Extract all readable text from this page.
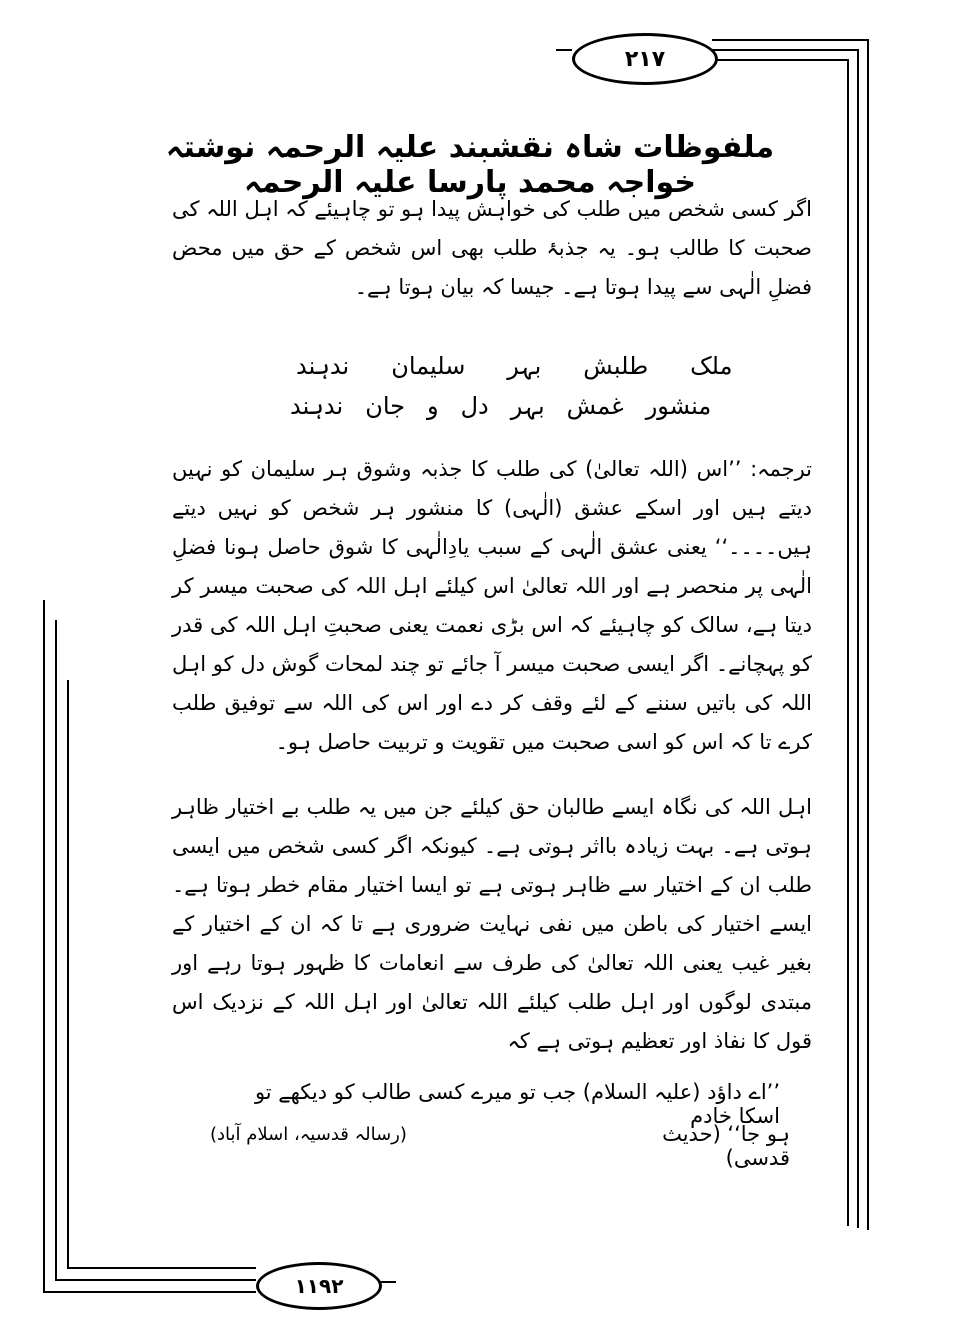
۲۱۷
ملفوظات شاہ نقشبند علیہ الرحمہ نوشتہ خواجہ محمد پارسا علیہ الرحمہ
اگر کسی شخص میں طلب کی خواہش پیدا ہو تو چاہیئے کہ اہل اللہ کی صحبت کا طالب ہو۔ یہ جذبۂ طلب بھی اس شخص کے حق میں محض فضلِ الٰہی سے پیدا ہوتا ہے۔ جیسا کہ بیان ہوتا ہے۔
ملک
طلبش
بہر
سلیمان
ندہند
منشور
غمش
بہر
دل
و
جان
ندہند
ترجمہ: ’’اس (اللہ تعالیٰ) کی طلب کا جذبہ وشوق ہر سلیمان کو نہیں دیتے ہیں اور اسکے عشق (الٰہی) کا منشور ہر شخص کو نہیں دیتے ہیں۔۔۔۔‘‘ یعنی عشق الٰہی کے سبب یادِالٰہی کا شوق حاصل ہونا فضلِ الٰہی پر منحصر ہے اور اللہ تعالیٰ اس کیلئے اہل اللہ کی صحبت میسر کر دیتا ہے، سالک کو چاہیئے کہ اس بڑی نعمت یعنی صحبتِ اہل اللہ کی قدر کو پہچانے۔ اگر ایسی صحبت میسر آ جائے تو چند لمحات گوش دل کو اہل اللہ کی باتیں سننے کے لئے وقف کر دے اور اس کی اللہ سے توفیق طلب کرے تا کہ اس کو اسی صحبت میں تقویت و تربیت حاصل ہو۔
اہل اللہ کی نگاہ ایسے طالبان حق کیلئے جن میں یہ طلب بے اختیار ظاہر ہوتی ہے۔ بہت زیادہ بااثر ہوتی ہے۔ کیونکہ اگر کسی شخص میں ایسی طلب ان کے اختیار سے ظاہر ہوتی ہے تو ایسا اختیار مقام خطر ہوتا ہے۔ ایسے اختیار کی باطن میں نفی نہایت ضروری ہے تا کہ ان کے اختیار کے بغیر غیب یعنی اللہ تعالیٰ کی طرف سے انعامات کا ظہور ہوتا رہے اور مبتدی لوگوں اور اہل طلب کیلئے اللہ تعالیٰ اور اہل اللہ کے نزدیک اس قول کا نفاذ اور تعظیم ہوتی ہے کہ
’’اے داؤد (علیہ السلام) جب تو میرے کسی طالب کو دیکھے تو اسکا خادم
ہو جا‘‘ (حدیث قدسی)
(رسالہ قدسیہ، اسلام آباد)
۱۱۹۲
